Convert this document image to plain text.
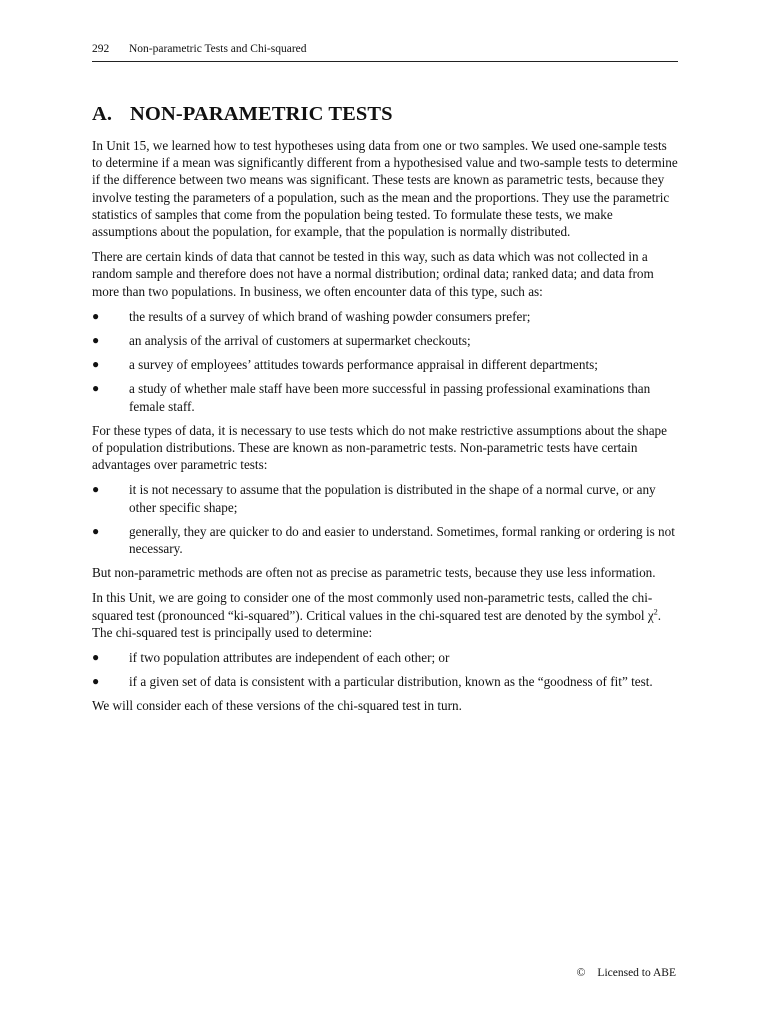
292 Non-parametric Tests and Chi-squared
A. NON-PARAMETRIC TESTS

In Unit 15, we learned how to test hypotheses using data from one or two samples. We used one-sample tests to determine if a mean was significantly different from a hypothesised value and two-sample tests to determine if the difference between two means was significant. These tests are known as parametric tests, because they involve testing the parameters of a population, such as the mean and the proportions. They use the parametric statistics of samples that come from the population being tested. To formulate these tests, we make assumptions about the population, for example, that the population is normally distributed.

There are certain kinds of data that cannot be tested in this way, such as data which was not collected in a random sample and therefore does not have a normal distribution; ordinal data; ranked data; and data from more than two populations. In business, we often encounter data of this type, such as:

● the results of a survey of which brand of washing powder consumers prefer;
● an analysis of the arrival of customers at supermarket checkouts;
● a survey of employees’ attitudes towards performance appraisal in different departments;
● a study of whether male staff have been more successful in passing professional examinations than female staff.

For these types of data, it is necessary to use tests which do not make restrictive assumptions about the shape of population distributions. These are known as non-parametric tests. Non-parametric tests have certain advantages over parametric tests:

● it is not necessary to assume that the population is distributed in the shape of a normal curve, or any other specific shape;
● generally, they are quicker to do and easier to understand. Sometimes, formal ranking or ordering is not necessary.

But non-parametric methods are often not as precise as parametric tests, because they use less information.

In this Unit, we are going to consider one of the most commonly used non-parametric tests, called the chi-squared test (pronounced “ki-squared”). Critical values in the chi-squared test are denoted by the symbol $\chi^2$. The chi-squared test is principally used to determine:

● if two population attributes are independent of each other; or
● if a given set of data is consistent with a particular distribution, known as the “goodness of fit” test.

We will consider each of these versions of the chi-squared test in turn.

© Licensed to ABE
